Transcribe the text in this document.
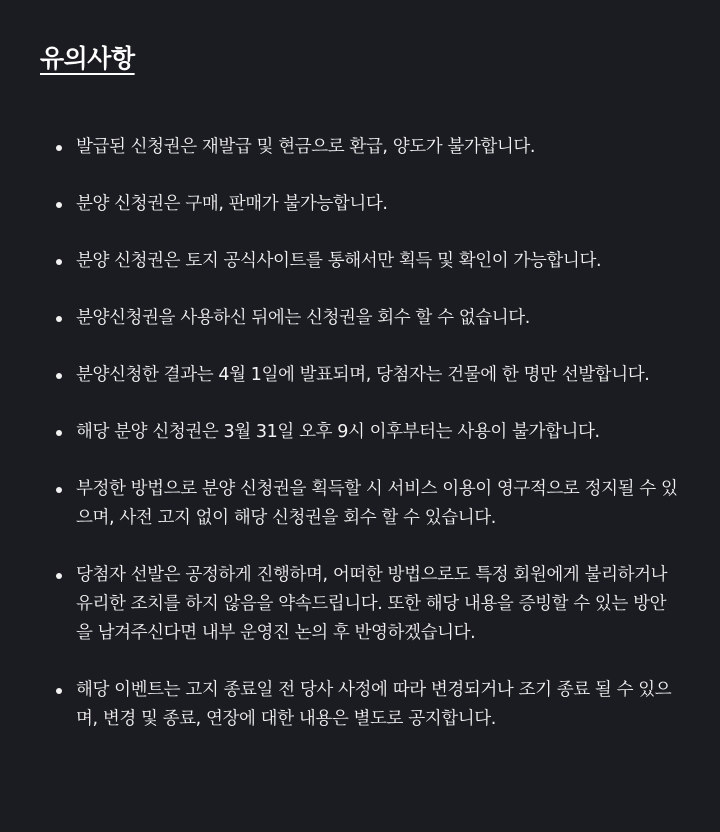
유의사항
발급된 신청권은 재발급 및 현금으로 환급, 양도가 불가합니다.
분양 신청권은 구매, 판매가 불가능합니다.
분양 신청권은 토지 공식사이트를 통해서만 획득 및 확인이 가능합니다.
분양신청권을 사용하신 뒤에는 신청권을 회수 할 수 없습니다.
분양신청한 결과는 4월 1일에 발표되며, 당첨자는 건물에 한 명만 선발합니다.
해당 분양 신청권은 3월 31일 오후 9시 이후부터는 사용이 불가합니다.
부정한 방법으로 분양 신청권을 획득할 시 서비스 이용이 영구적으로 정지될 수 있으며, 사전 고지 없이 해당 신청권을 회수 할 수 있습니다.
당첨자 선발은 공정하게 진행하며, 어떠한 방법으로도 특정 회원에게 불리하거나 유리한 조치를 하지 않음을 약속드립니다. 또한 해당 내용을 증빙할 수 있는 방안을 남겨주신다면 내부 운영진 논의 후 반영하겠습니다.
해당 이벤트는 고지 종료일 전 당사 사정에 따라 변경되거나 조기 종료 될 수 있으며, 변경 및 종료, 연장에 대한 내용은 별도로 공지합니다.
